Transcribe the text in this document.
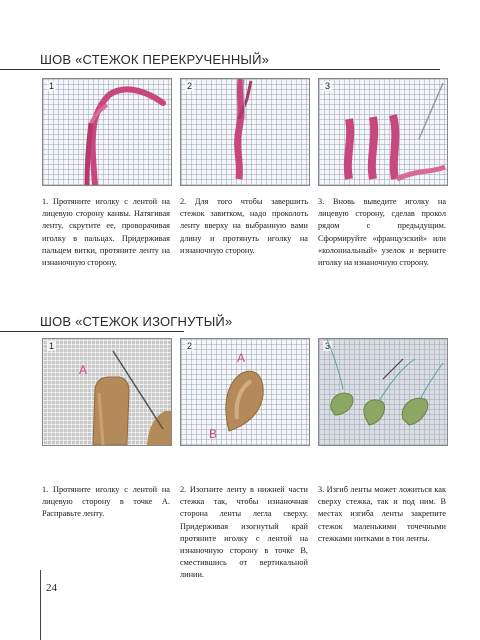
ШОВ «СТЕЖОК ПЕРЕКРУЧЕННЫЙ»
1	2	3
1. Протяните иголку с лентой на лицевую сторону канвы. Натягивая ленту, скрутите ее, проворачивая иголку в пальцах. Придерживая пальцем витки, протяните ленту на изнаночную сторону.
2. Для того чтобы завершить стежок завитком, надо проколоть ленту вверху на выбранную вами длину и протянуть иголку на изнаночную сторону.
3. Вновь выведите иголку на лицевую сторону, сделав прокол рядом с предыдущим. Сформируйте «французский» или «колониальный» узелок и верните иголку на изнаночную сторону.
ШОВ «СТЕЖОК ИЗОГНУТЫЙ»
1
А
2
А
В
3
1. Протяните иголку с лентой на лицевую сторону в точке А. Расправьте ленту.
2. Изогните ленту в нижней части стежка так, чтобы изнаночная сторона ленты легла сверху. Придерживая изогнутый край протяните иголку с лентой на изнаночную сторону в точке В, сместившись от вертикальной линии.
3. Изгиб ленты может ложиться как сверху стежка, так и под ним. В местах изгиба ленты закрепите стежок маленькими точечными стежками нитками в тон ленты.
24
